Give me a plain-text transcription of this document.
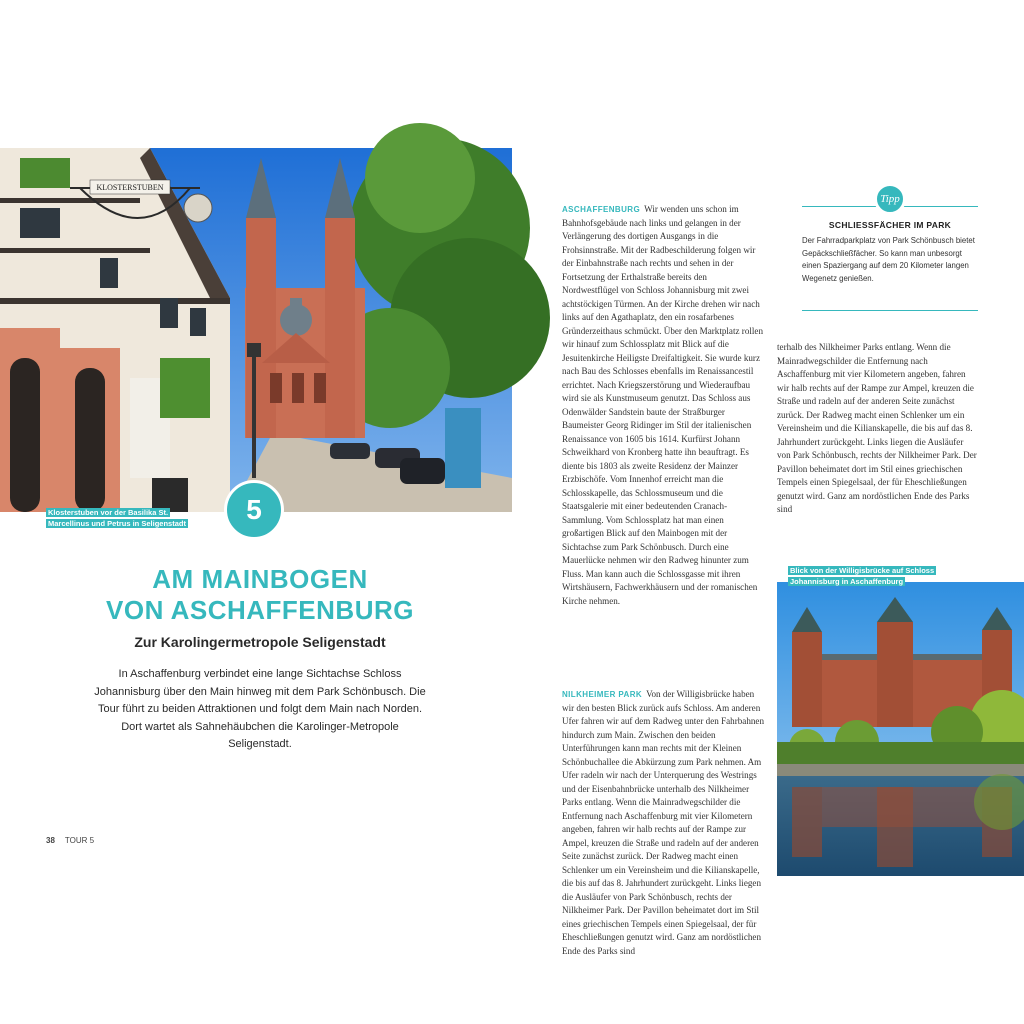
KLOSTERSTUBEN
Klosterstuben vor der Basilika St. Marcellinus und Petrus in Seligenstadt	5
AM MAINBOGEN
VON ASCHAFFENBURG
Zur Karolingermetropole Seligenstadt
In Aschaffenburg verbindet eine lange Sichtachse Schloss Johannisburg über den Main hinweg mit dem Park Schönbusch. Die Tour führt zu beiden Attraktionen und folgt dem Main nach Norden. Dort wartet als Sahnehäubchen die Karolinger-Metropole Seligenstadt.
38 TOUR 5
ASCHAFFENBURG Wir wenden uns schon im Bahnhofsgebäude nach links und gelangen in der Verlängerung des dortigen Ausgangs in die Frohsinnstraße. Mit der Radbeschilderung folgen wir der Einbahnstraße nach rechts und sehen in der Fortsetzung der Erthalstraße bereits den Nordwestflügel von Schloss Johannisburg mit zwei achtstöckigen Türmen. An der Kirche drehen wir nach links auf den Agathaplatz, den ein rosafarbenes Gründerzeithaus schmückt. Über den Marktplatz rollen wir hinauf zum Schlossplatz mit Blick auf die Jesuitenkirche Heiligste Dreifaltigkeit. Sie wurde kurz nach Bau des Schlosses ebenfalls im Renaissancestil errichtet. Nach Kriegszerstörung und Wiederaufbau wird sie als Kunstmuseum genutzt. Das Schloss aus Odenwälder Sandstein baute der Straßburger Baumeister Georg Ridinger im Stil der italienischen Renaissance von 1605 bis 1614. Kurfürst Johann Schweikhard von Kronberg hatte ihn beauftragt. Es diente bis 1803 als zweite Residenz der Mainzer Erzbischöfe. Vom Innenhof erreicht man die Schlosskapelle, das Schlossmuseum und die Staatsgalerie mit einer bedeutenden Cranach-Sammlung. Vom Schlossplatz hat man einen großartigen Blick auf den Mainbogen mit der Sichtachse zum Park Schönbusch. Durch eine Mauerlücke nehmen wir den Radweg hinunter zum Fluss. Man kann auch die Schlossgasse mit ihren Wirtshäusern, Fachwerkhäusern und der romanischen Kirche nehmen.
NILKHEIMER PARK Von der Willigisbrücke haben wir den besten Blick zurück aufs Schloss. Am anderen Ufer fahren wir auf dem Radweg unter den Fahrbahnen hindurch zum Main. Zwischen den beiden Unterführungen kann man rechts mit der Kleinen Schönbuchallee die Abkürzung zum Park nehmen. Am Ufer radeln wir nach der Unterquerung des Westrings und der Eisenbahnbrücke unterhalb des Nilkheimer Parks entlang. Wenn die Mainradwegschilder die Entfernung nach Aschaffenburg mit vier Kilometern angeben, fahren wir halb rechts auf der Rampe zur Ampel, kreuzen die Straße und radeln auf der anderen Seite zunächst zurück. Der Radweg macht einen Schlenker um ein Vereinsheim und die Kilianskapelle, die bis auf das 8. Jahrhundert zurückgeht. Links liegen die Ausläufer von Park Schönbusch, rechts der Nilkheimer Park. Der Pavillon beheimatet dort im Stil eines griechischen Tempels einen Spiegelsaal, der für Eheschließungen genutzt wird. Ganz am nordöstlichen Ende des Parks sind
Tipp
SCHLIESSFÄCHER IM PARK
Der Fahrradparkplatz von Park Schönbusch bietet Gepäckschließfächer. So kann man unbesorgt einen Spaziergang auf dem 20 Kilometer langen Wegenetz genießen.
terhalb des Nilkheimer Parks entlang. Wenn die Mainradwegschilder die Entfernung nach Aschaffenburg mit vier Kilometern angeben, fahren wir halb rechts auf der Rampe zur Ampel, kreuzen die Straße und radeln auf der anderen Seite zunächst zurück. Der Radweg macht einen Schlenker um ein Vereinsheim und die Kilianskapelle, die bis auf das 8. Jahrhundert zurückgeht. Links liegen die Ausläufer von Park Schönbusch, rechts der Nilkheimer Park. Der Pavillon beheimatet dort im Stil eines griechischen Tempels einen Spiegelsaal, der für Eheschließungen genutzt wird. Ganz am nordöstlichen Ende des Parks sind
Blick von der Willigisbrücke auf Schloss Johannisburg in Aschaffenburg
